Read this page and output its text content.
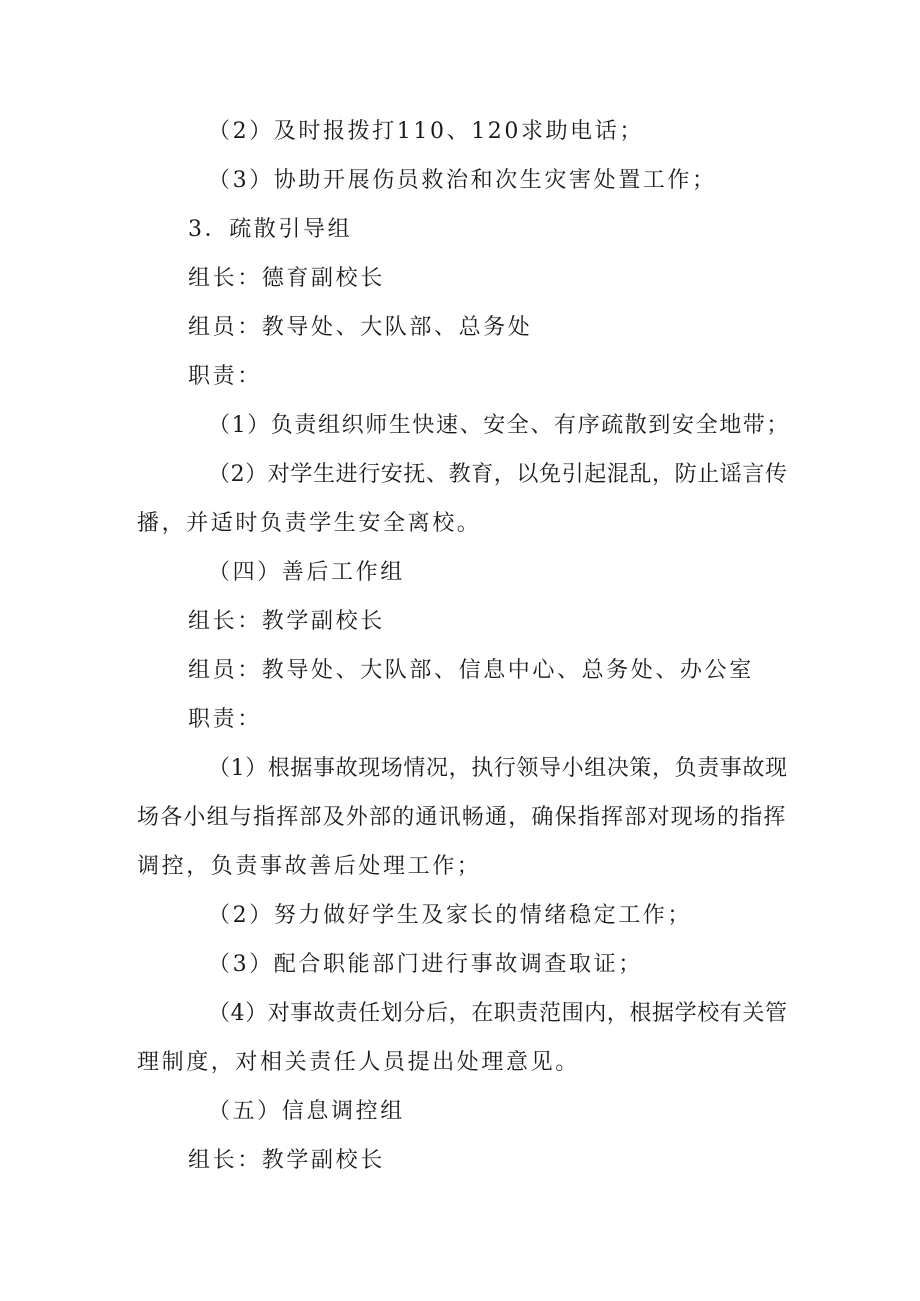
（2）及时报拨打110、120求助电话；
（3）协助开展伤员救治和次生灾害处置工作；
3．疏散引导组
组长：德育副校长
组员：教导处、大队部、总务处
职责：
（1）负责组织师生快速、安全、有序疏散到安全地带；
（2）对学生进行安抚、教育，以免引起混乱，防止谣言传
播，并适时负责学生安全离校。
（四）善后工作组
组长：教学副校长
组员：教导处、大队部、信息中心、总务处、办公室
职责：
（1）根据事故现场情况，执行领导小组决策，负责事故现
场各小组与指挥部及外部的通讯畅通，确保指挥部对现场的指挥
调控，负责事故善后处理工作；
（2）努力做好学生及家长的情绪稳定工作；
（3）配合职能部门进行事故调查取证；
（4）对事故责任划分后，在职责范围内，根据学校有关管
理制度，对相关责任人员提出处理意见。
（五）信息调控组
组长：教学副校长
